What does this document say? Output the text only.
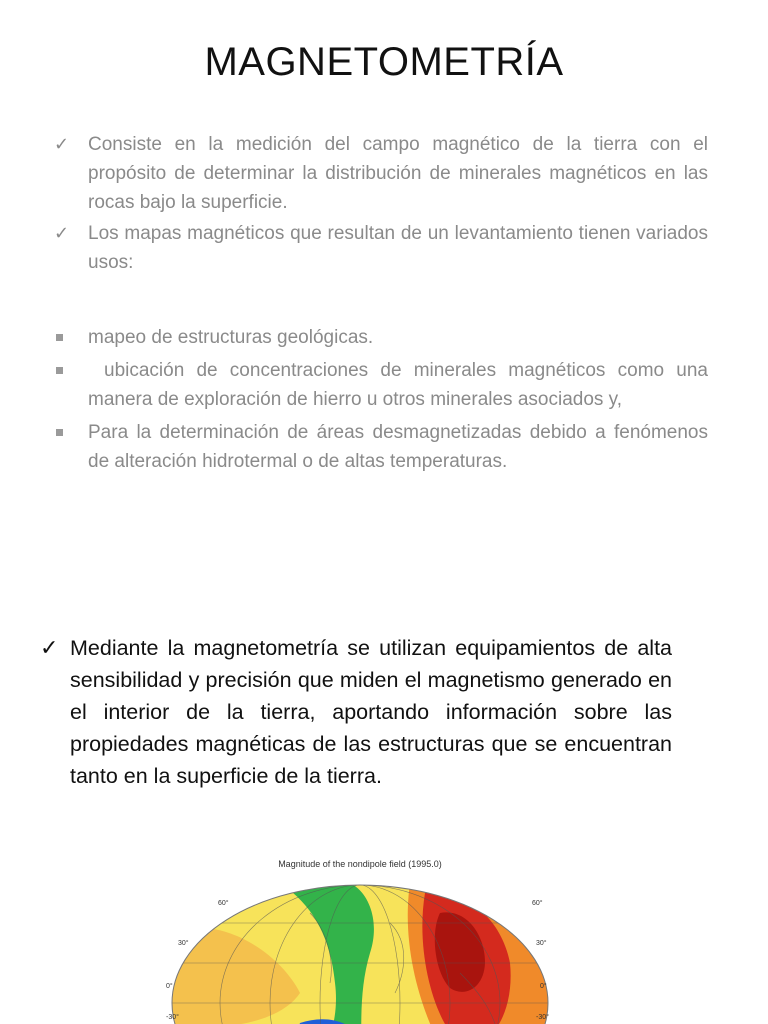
MAGNETOMETRÍA
✓ Consiste en la medición del campo magnético de la tierra con el propósito de determinar la distribución de minerales magnéticos en las rocas bajo la superficie.
✓ Los mapas magnéticos que resultan de un levantamiento tienen variados usos:
mapeo de estructuras geológicas.
ubicación de concentraciones de minerales magnéticos como una manera de exploración de hierro u otros minerales asociados y,
Para la determinación de áreas desmagnetizadas debido a fenómenos de alteración hidrotermal o de altas temperaturas.
✓ Mediante la magnetometría se utilizan equipamientos de alta sensibilidad y precisión que miden el magnetismo generado en el interior de la tierra, aportando información sobre las propiedades magnéticas de las estructuras que se encuentran tanto en la superficie de la tierra.
Magnitude of the nondipole field (1995.0)
60°
30°
0°
-30°
60°
30°
0°
-30°
